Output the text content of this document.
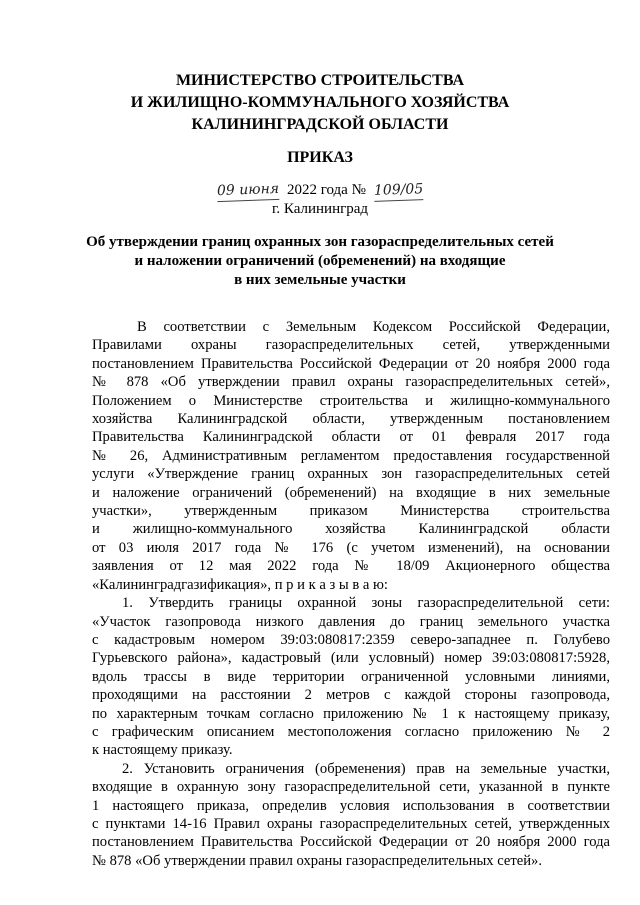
МИНИСТЕРСТВО СТРОИТЕЛЬСТВА
И ЖИЛИЩНО-КОММУНАЛЬНОГО ХОЗЯЙСТВА
КАЛИНИНГРАДСКОЙ ОБЛАСТИ
ПРИКАЗ
09 июня 2022 года № 109/05
г. Калининград
Об утверждении границ охранных зон газораспределительных сетей
и наложении ограничений (обременений) на входящие
в них земельные участки
В соответствии с Земельным Кодексом Российской Федерации,
Правилами охраны газораспределительных сетей, утвержденными
постановлением Правительства Российской Федерации от 20 ноября 2000 года
№ 878 «Об утверждении правил охраны газораспределительных сетей»,
Положением о Министерстве строительства и жилищно-коммунального
хозяйства Калининградской области, утвержденным постановлением
Правительства Калининградской области от 01 февраля 2017 года
№ 26, Административным регламентом предоставления государственной
услуги «Утверждение границ охранных зон газораспределительных сетей
и наложение ограничений (обременений) на входящие в них земельные
участки», утвержденным приказом Министерства строительства
и жилищно-коммунального хозяйства Калининградской области
от 03 июля 2017 года № 176 (с учетом изменений), на основании
заявления от 12 мая 2022 года № 18/09 Акционерного общества
«Калининградгазификация», п р и к а з ы в а ю:
1. Утвердить границы охранной зоны газораспределительной сети:
«Участок газопровода низкого давления до границ земельного участка
с кадастровым номером 39:03:080817:2359 северо-западнее п. Голубево
Гурьевского района», кадастровый (или условный) номер 39:03:080817:5928,
вдоль трассы в виде территории ограниченной условными линиями,
проходящими на расстоянии 2 метров с каждой стороны газопровода,
по характерным точкам согласно приложению № 1 к настоящему приказу,
с графическим описанием местоположения согласно приложению № 2
к настоящему приказу.
2. Установить ограничения (обременения) прав на земельные участки,
входящие в охранную зону газораспределительной сети, указанной в пункте
1 настоящего приказа, определив условия использования в соответствии
с пунктами 14-16 Правил охраны газораспределительных сетей, утвержденных
постановлением Правительства Российской Федерации от 20 ноября 2000 года
№ 878 «Об утверждении правил охраны газораспределительных сетей».
